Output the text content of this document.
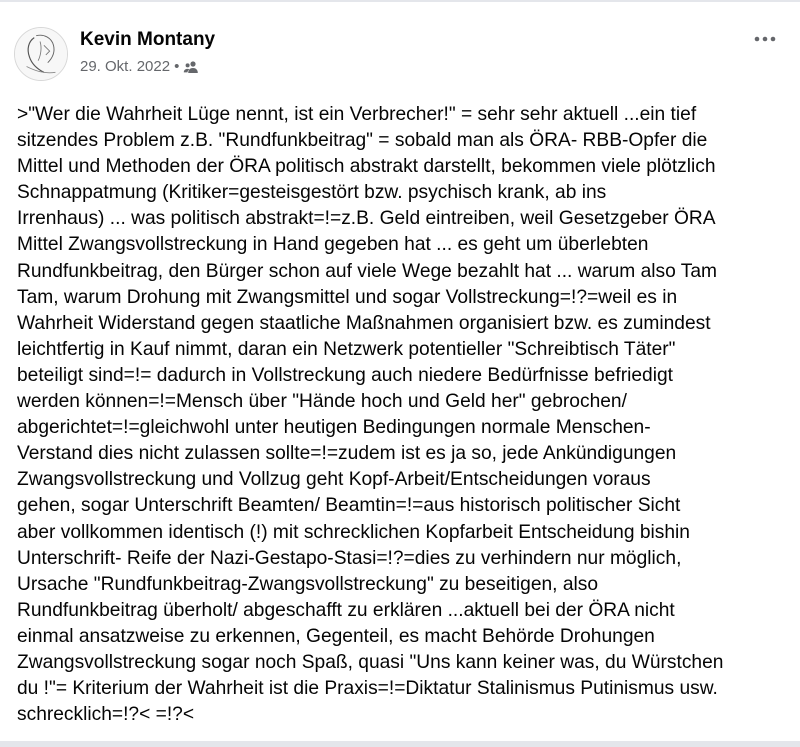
Kevin Montany
29. Okt. 2022 •
>"Wer die Wahrheit Lüge nennt, ist ein Verbrecher!" = sehr sehr aktuell ...ein tief
sitzendes Problem z.B. "Rundfunkbeitrag" = sobald man als ÖRA- RBB-Opfer die
Mittel und Methoden der ÖRA politisch abstrakt darstellt, bekommen viele plötzlich
Schnappatmung (Kritiker=gesteisgestört bzw. psychisch krank, ab ins
Irrenhaus) ... was politisch abstrakt=!=z.B. Geld eintreiben, weil Gesetzgeber ÖRA
Mittel Zwangsvollstreckung in Hand gegeben hat ... es geht um überlebten
Rundfunkbeitrag, den Bürger schon auf viele Wege bezahlt hat ... warum also Tam
Tam, warum Drohung mit Zwangsmittel und sogar Vollstreckung=!?=weil es in
Wahrheit Widerstand gegen staatliche Maßnahmen organisiert bzw. es zumindest
leichtfertig in Kauf nimmt, daran ein Netzwerk potentieller "Schreibtisch Täter"
beteiligt sind=!= dadurch in Vollstreckung auch niedere Bedürfnisse befriedigt
werden können=!=Mensch über "Hände hoch und Geld her" gebrochen/
abgerichtet=!=gleichwohl unter heutigen Bedingungen normale Menschen-
Verstand dies nicht zulassen sollte=!=zudem ist es ja so, jede Ankündigungen
Zwangsvollstreckung und Vollzug geht Kopf-Arbeit/Entscheidungen voraus
gehen, sogar Unterschrift Beamten/ Beamtin=!=aus historisch politischer Sicht
aber vollkommen identisch (!) mit schrecklichen Kopfarbeit Entscheidung bishin
Unterschrift- Reife der Nazi-Gestapo-Stasi=!?=dies zu verhindern nur möglich,
Ursache "Rundfunkbeitrag-Zwangsvollstreckung" zu beseitigen, also
Rundfunkbeitrag überholt/ abgeschafft zu erklären ...aktuell bei der ÖRA nicht
einmal ansatzweise zu erkennen, Gegenteil, es macht Behörde Drohungen
Zwangsvollstreckung sogar noch Spaß, quasi "Uns kann keiner was, du Würstchen
du !"= Kriterium der Wahrheit ist die Praxis=!=Diktatur Stalinismus Putinismus usw.
schrecklich=!?< =!?<
